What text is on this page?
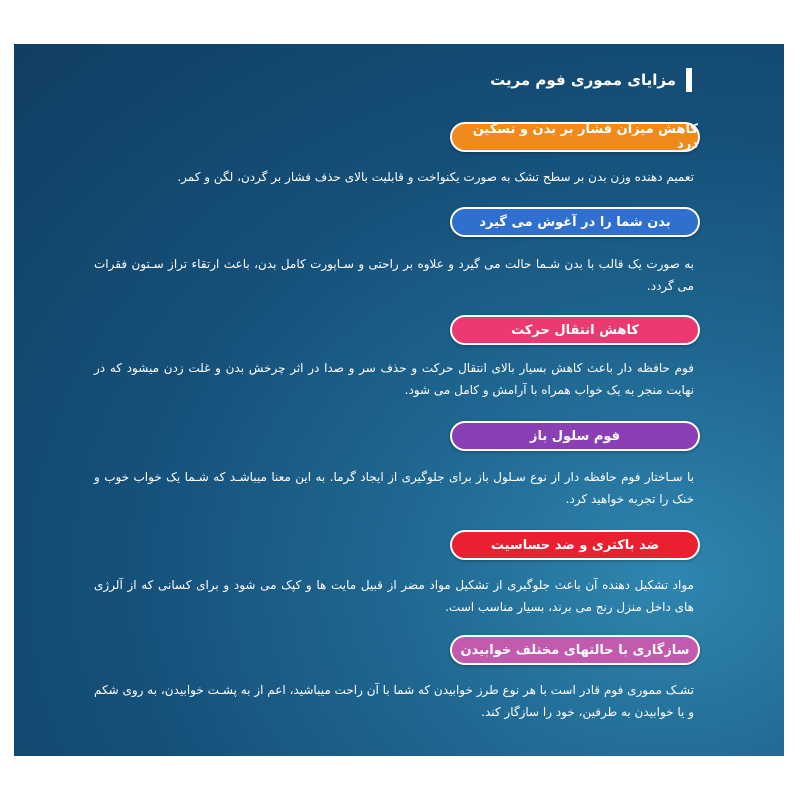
مزایای مموری فوم مریت
کاهش میزان فشار بر بدن و تسکین درد
تعمیم دهنده وزن بدن بر سطح تشک به صورت یکنواخت و قابلیت بالای حذف فشار بر گردن، لگن و کمر.
بدن شما را در آغوش می گیرد
به صورت یک قالب با بدن شـما حالت می گیرد و علاوه بر راحتی و سـاپورت کامل بدن، باعث ارتقاء تراز سـتون فقرات می گردد.
کاهش انتقال حرکت
فوم حافظه دار باعث کاهش بسیار بالای انتقال حرکت و حذف سر و صدا در اثر چرخش بدن و غلت زدن میشود که در نهایت منجر به یک خواب همراه با آرامش و کامل می شود.
فوم سلول باز
با سـاختار فوم حافظه دار از نوع سـلول باز برای جلوگیری از ایجاد گرما. به این معنا میباشـد که شـما یک خواب خوب و خنک را تجربه خواهید کرد.
ضد باکتری و ضد حساسیت
مواد تشکیل دهنده آن باعث جلوگیری از تشکیل مواد مضر از قبیل مایت ها و کپک می شود و برای کسانی که از آلرژی های داخل منزل رنج می برند، بسیار مناسب است.
سازگاری با حالتهای مختلف خوابیدن
تشـک مموری فوم قادر است با هر نوع طرز خوابیدن که شما با آن راحت میباشید، اعم از به پشـت خوابیدن، به روی شکم و یا خوابیدن به طرفین، خود را سازگار کند.
